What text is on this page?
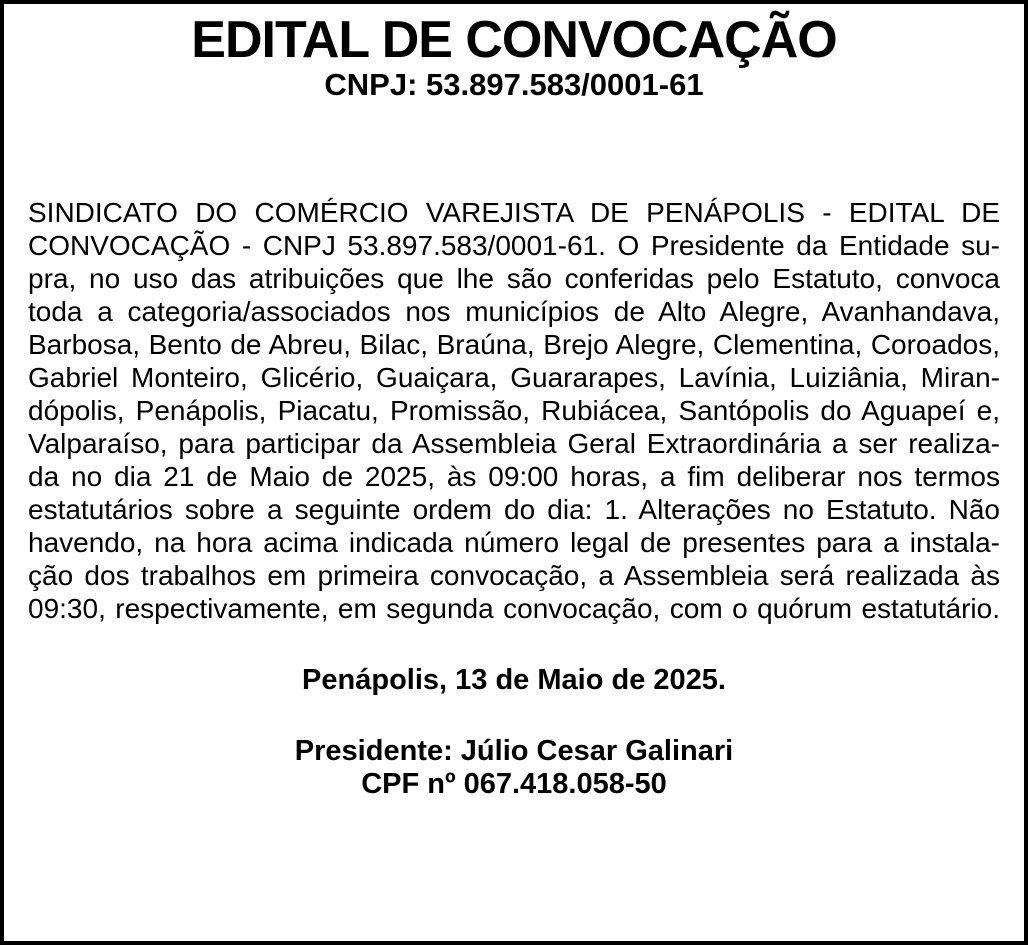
EDITAL DE CONVOCAÇÃO
CNPJ: 53.897.583/0001-61
SINDICATO DO COMÉRCIO VAREJISTA DE PENÁPOLIS - EDITAL DE
CONVOCAÇÃO - CNPJ 53.897.583/0001-61. O Presidente da Entidade su-
pra, no uso das atribuições que lhe são conferidas pelo Estatuto, convoca
toda a categoria/associados nos municípios de Alto Alegre, Avanhandava,
Barbosa, Bento de Abreu, Bilac, Braúna, Brejo Alegre, Clementina, Coroados,
Gabriel Monteiro, Glicério, Guaiçara, Guararapes, Lavínia, Luiziânia, Miran-
dópolis, Penápolis, Piacatu, Promissão, Rubiácea, Santópolis do Aguapeí e,
Valparaíso, para participar da Assembleia Geral Extraordinária a ser realiza-
da no dia 21 de Maio de 2025, às 09:00 horas, a fim deliberar nos termos
estatutários sobre a seguinte ordem do dia: 1. Alterações no Estatuto. Não
havendo, na hora acima indicada número legal de presentes para a instala-
ção dos trabalhos em primeira convocação, a Assembleia será realizada às
09:30, respectivamente, em segunda convocação, com o quórum estatutário.
Penápolis, 13 de Maio de 2025.
Presidente: Júlio Cesar Galinari
CPF nº 067.418.058-50
